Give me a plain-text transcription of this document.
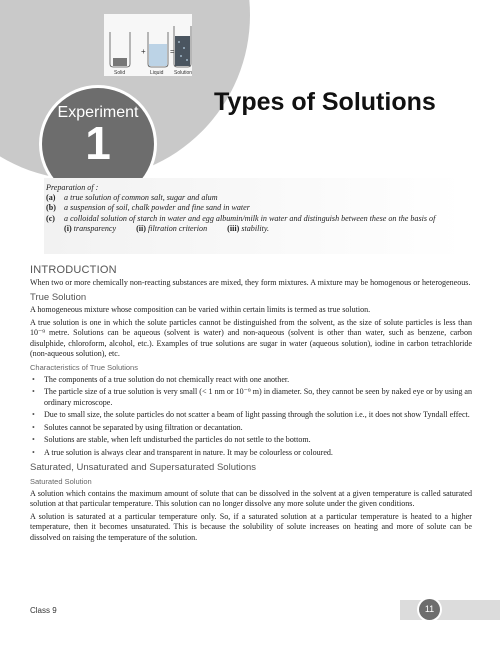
+	=
Solid	Liquid Solution
Experiment
1
Types of Solutions
Preparation of :
(a)	a true solution of common salt, sugar and alum
(b) a suspension of soil, chalk powder and fine sand in water
(c)	a colloidal solution of starch in water and egg albumin/milk in water and distinguish between these on the basis of
(i)
transparency (ii)
filtration criterion (iii)
stability.
INTRODUCTION

When two or more chemically non-reacting substances are mixed, they form mixtures. A mixture may be homogenous or heterogeneous.

True Solution

A homogeneous mixture whose composition can be varied within certain limits is termed as true solution.

A true solution is one in which the solute particles cannot be distinguished from the solvent, as the size of solute particles is less than 10⁻⁹ metre. Solutions can be aqueous (solvent is water) and non-aqueous (solvent is other than water, such as benzene, carbon disulphide, chloroform, alcohol, etc.). Examples of true solutions are sugar in water (aqueous solution), iodine in carbon tetrachloride (non-aqueous solution), etc.

Characteristics of True Solutions
• The components of a true solution do not chemically react with one another.
• The particle size of a true solution is very small (< 1 nm or 10⁻⁹ m) in diameter. So, they cannot be seen by naked eye or by using an ordinary microscope.
• Due to small size, the solute particles do not scatter a beam of light passing through the solution i.e., it does not show Tyndall effect.
• Solutes cannot be separated by using filtration or decantation.
• Solutions are stable, when left undisturbed the particles do not settle to the bottom.
• A true solution is always clear and transparent in nature. It may be colourless or coloured.
Saturated, Unsaturated and Supersaturated Solutions
Saturated Solution

A solution which contains the maximum amount of solute that can be dissolved in the solvent at a given temperature is called saturated solution at that particular temperature. This solution can no longer dissolve any more solute under the given conditions.

A solution is saturated at a particular temperature only. So, if a saturated solution at a particular temperature is heated to a higher temperature, then it becomes unsaturated. This is because the solubility of solute increases on heating and more of solute can be dissolved on raising the temperature of the solution.

Class 9	11
